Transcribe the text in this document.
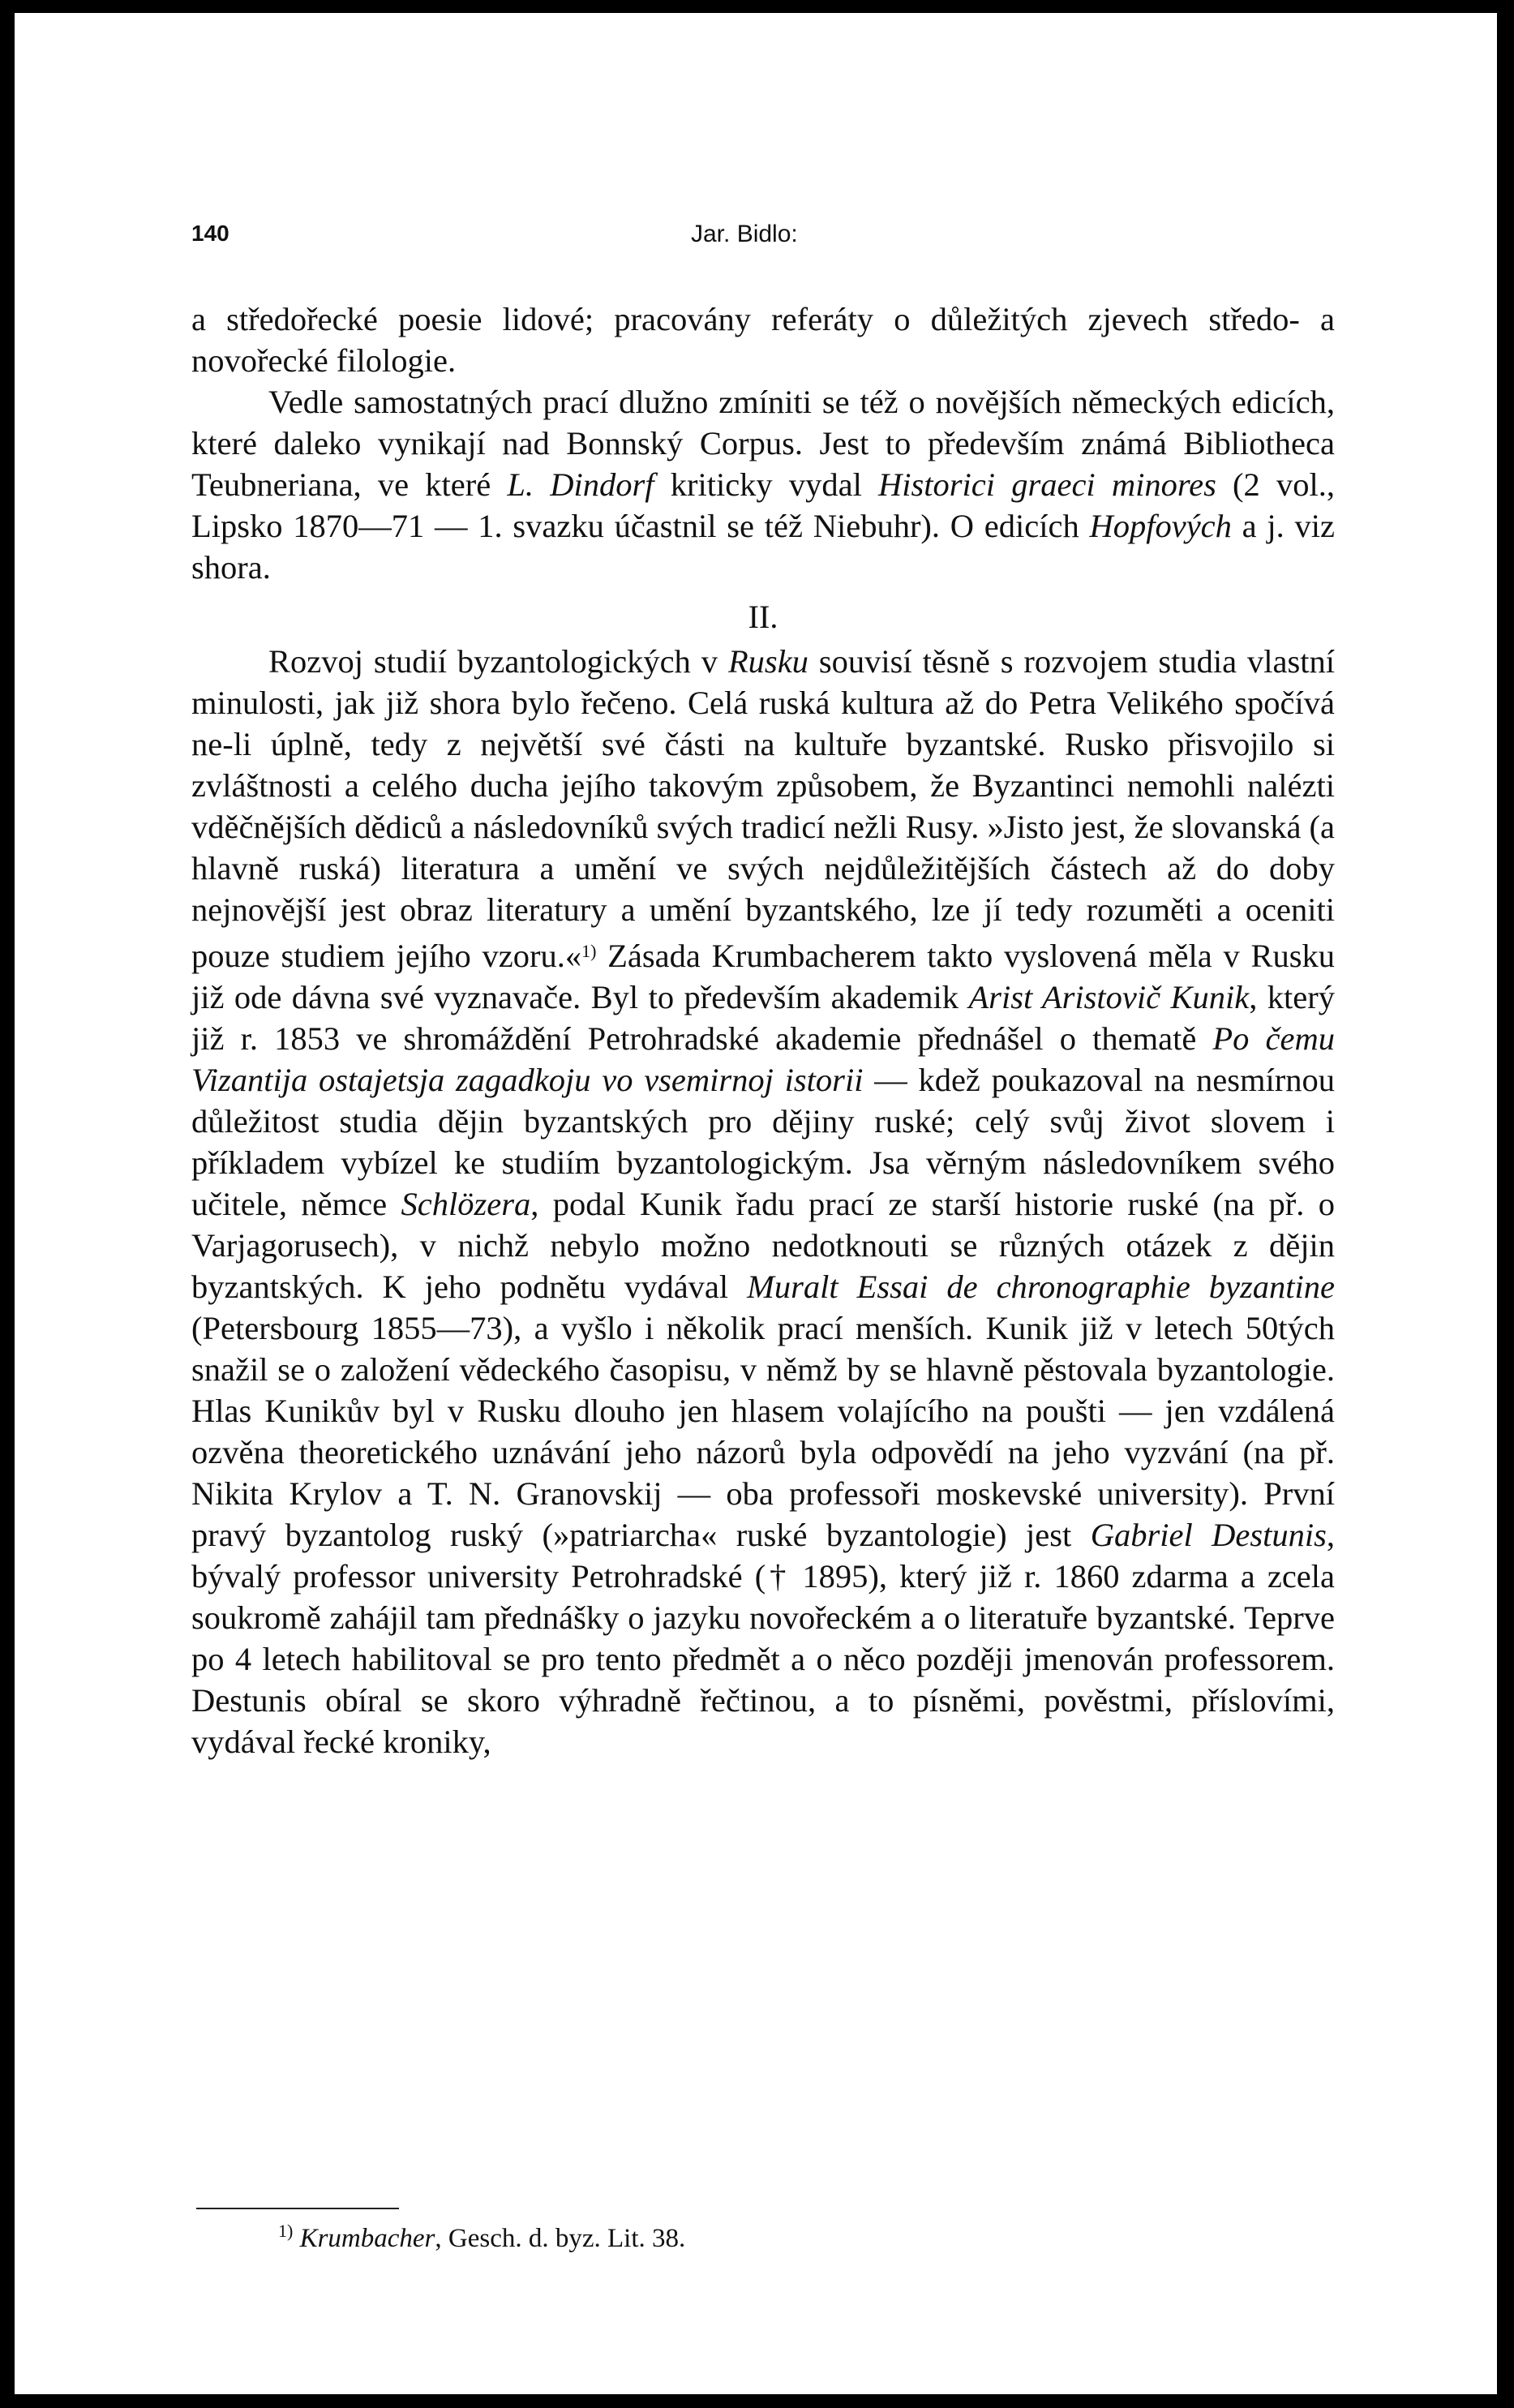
⌐
140	Jar. Bidlo:

a středořecké poesie lidové; pracovány referáty o důležitých zjevech středo- a novořecké filologie.

Vedle samostatných prací dlužno zmíniti se též o novějších německých edicích, které daleko vynikají nad Bonnský Corpus. Jest to především známá Bibliotheca Teubneriana, ve které L. Dindorf kriticky vydal Historici graeci minores (2 vol., Lipsko 1870—71 — 1. svazku účastnil se též Niebuhr). O edicích Hopfových a j. viz shora.

II.

Rozvoj studií byzantologických v Rusku souvisí těsně s rozvojem studia vlastní minulosti, jak již shora bylo řečeno. Celá ruská kultura až do Petra Velikého spočívá ne-li úplně, tedy z největší své části na kultuře byzantské. Rusko přisvojilo si zvláštnosti a celého ducha jejího takovým způsobem, že Byzantinci nemohli nalézti vděčnějších dědiců a následovníků svých tradicí nežli Rusy. »Jisto jest, že slovanská (a hlavně ruská) literatura a umění ve svých nejdůležitějších částech až do doby nejnovější jest obraz literatury a umění byzantského, lze jí tedy rozuměti a oceniti pouze studiem jejího vzoru.«$^{1)}$ Zásada Krumbacherem takto vyslovená měla v Rusku již ode dávna své vyznavače. Byl to především akademik Arist Aristovič Kunik, který již r. 1853 ve shromáždění Petrohradské akademie přednášel o thematě Po čemu Vizantija ostajetsja zagadkoju vo vsemirnoj istorii — kdež poukazoval na nesmírnou důležitost studia dějin byzantských pro dějiny ruské; celý svůj život slovem i příkladem vybízel ke studiím byzantologickým. Jsa věrným následovníkem svého učitele, němce Schlözera, podal Kunik řadu prací ze starší historie ruské (na př. o Varjagorusech), v nichž nebylo možno nedotknouti se různých otázek z dějin byzantských. K jeho podnětu vydával Muralt Essai de chronographie byzantine (Petersbourg 1855—73), a vyšlo i několik prací menších. Kunik již v letech 50tých snažil se o založení vědeckého časopisu, v němž by se hlavně pěstovala byzantologie. Hlas Kunikův byl v Rusku dlouho jen hlasem volajícího na poušti — jen vzdálená ozvěna theoretického uznávání jeho názorů byla odpovědí na jeho vyzvání (na př. Nikita Krylov a T. N. Granovskij — oba professoři moskevské university). První pravý byzantolog ruský (»patriarcha« ruské byzantologie) jest Gabriel Destunis, bývalý professor university Petrohradské († 1895), který již r. 1860 zdarma a zcela soukromě zahájil tam přednášky o jazyku novořeckém a o literatuře byzantské. Teprve po 4 letech habilitoval se pro tento předmět a o něco později jmenován professorem. Destunis obíral se skoro výhradně řečtinou, a to písněmi, pověstmi, příslovími, vydával řecké kroniky,

$^{1)}$ Krumbacher, Gesch. d. byz. Lit. 38.
